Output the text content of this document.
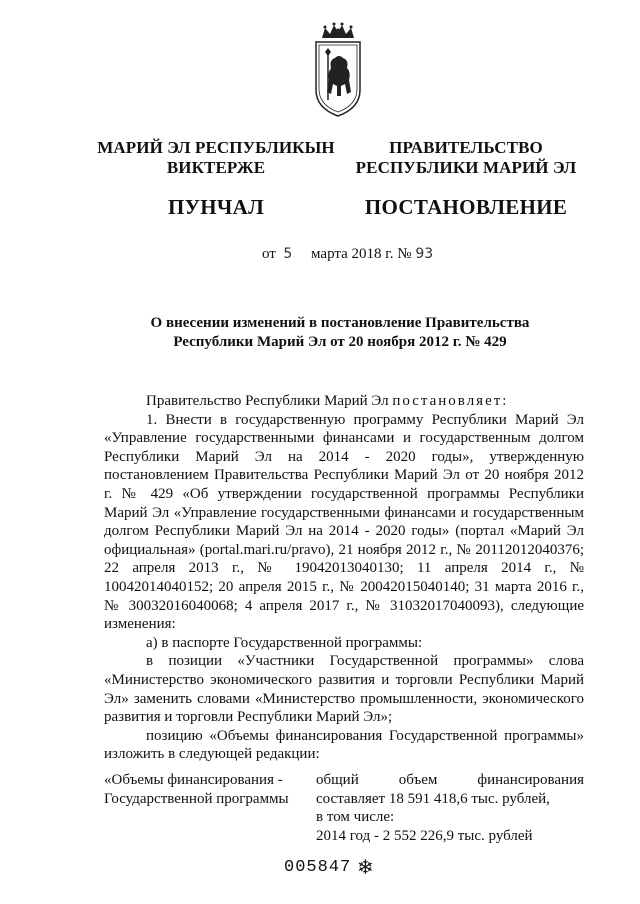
МАРИЙ ЭЛ РЕСПУБЛИКЫН
ВИКТЕРЖЕ
ПУНЧАЛ
ПРАВИТЕЛЬСТВО
РЕСПУБЛИКИ МАРИЙ ЭЛ
ПОСТАНОВЛЕНИЕ
от 5 марта 2018 г. № 93
О внесении изменений в постановление Правительства
Республики Марий Эл от 20 ноября 2012 г. № 429

Правительство Республики Марий Эл постановляет:

1. Внести в государственную программу Республики Марий Эл «Управление государственными финансами и государственным долгом Республики Марий Эл на 2014 - 2020 годы», утвержденную постановлением Правительства Республики Марий Эл от 20 ноября 2012 г. № 429 «Об утверждении государственной программы Республики Марий Эл «Управление государственными финансами и государственным долгом Республики Марий Эл на 2014 - 2020 годы» (портал «Марий Эл официальная» (portal.mari.ru/pravo), 21 ноября 2012 г., № 20112012040376; 22 апреля 2013 г., № 19042013040130; 11 апреля 2014 г., № 10042014040152; 20 апреля 2015 г., № 20042015040140; 31 марта 2016 г., № 30032016040068; 4 апреля 2017 г., № 31032017040093), следующие изменения:

а) в паспорте Государственной программы:

в позиции «Участники Государственной программы» слова «Министерство экономического развития и торговли Республики Марий Эл» заменить словами «Министерство промышленности, экономического развития и торговли Республики Марий Эл»;

позицию «Объемы финансирования Государственной программы» изложить в следующей редакции:

«Объемы финансирования - Государственной программы
общий объем финансирования составляет 18 591 418,6 тыс. рублей,
в том числе:
2014 год - 2 552 226,9 тыс. рублей
005847 ❄
